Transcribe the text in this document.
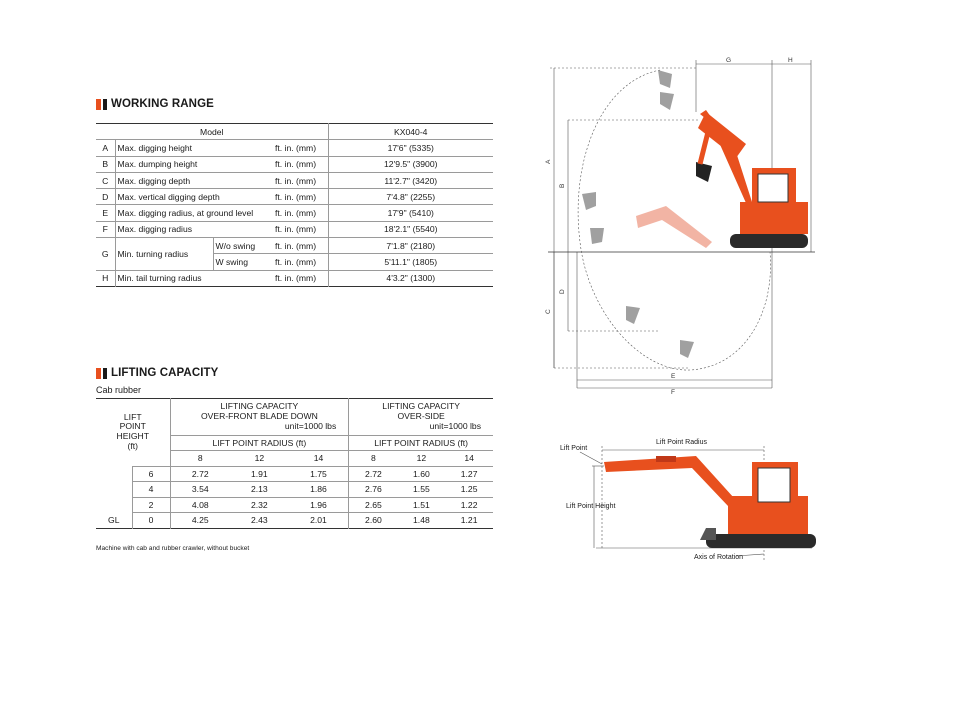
WORKING RANGE
Model				KX040-4
A	Max. digging height		ft. in. (mm)	17'6" (5335)
B	Max. dumping height		ft. in. (mm)	12'9.5" (3900)
C	Max. digging depth		ft. in. (mm)	11'2.7" (3420)
D	Max. vertical digging depth		ft. in. (mm)	7'4.8" (2255)
E	Max. digging radius, at ground level		ft. in. (mm)	17'9" (5410)
F	Max. digging radius		ft. in. (mm)	18'2.1" (5540)
G	Min. turning radius	W/o swing	ft. in. (mm)	7'1.8" (2180)
		W swing	ft. in. (mm)	5'11.1" (1805)
H	Min. tail turning radius		ft. in. (mm)	4'3.2" (1300)
LIFTING CAPACITY
Cab rubber
LIFT
POINT
HEIGHT
(ft)		LIFTING CAPACITY
OVER-FRONT BLADE DOWN
unit=1000 lbs			LIFTING CAPACITY
OVER-SIDE
unit=1000 lbs		

		LIFT POINT RADIUS (ft)			LIFT POINT RADIUS (ft)		
		8	12	14	8	12	14
	6	2.72	1.91	1.75	2.72	1.60	1.27
	4	3.54	2.13	1.86	2.76	1.55	1.25
	2	4.08	2.32	1.96	2.65	1.51	1.22
GL	0	4.25	2.43	2.01	2.60	1.48	1.21
Machine with cab and rubber crawler, without bucket
A
B
C
D
E
F
G	H
Lift Point
Lift Point Radius
Lift Point Height
Axis of Rotation
